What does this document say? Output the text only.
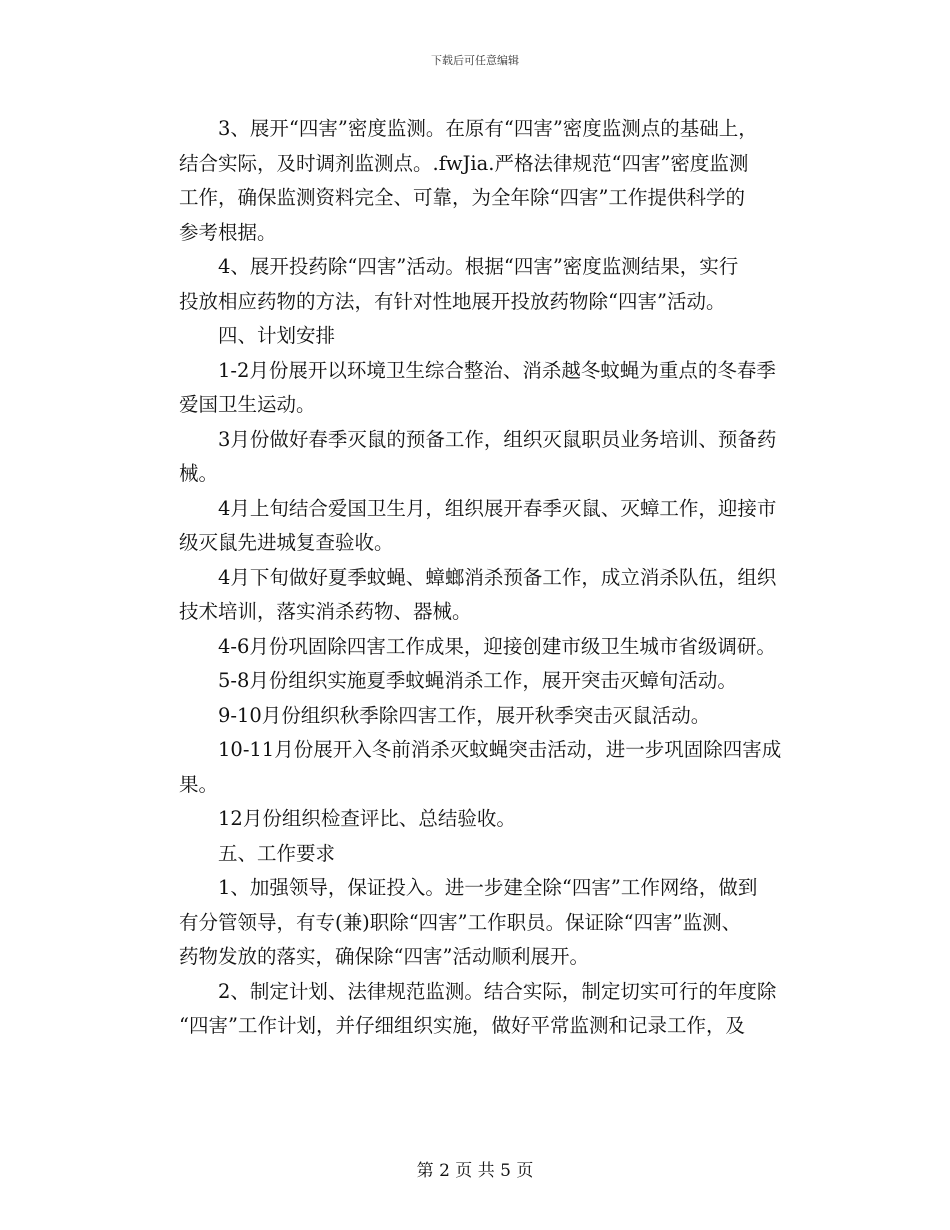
下载后可任意编辑

3、展开“四害”密度监测。在原有“四害”密度监测点的基础上，
结合实际，及时调剂监测点。.fwJia.严格法律规范“四害”密度监测
工作，确保监测资料完全、可靠，为全年除“四害”工作提供科学的
参考根据。

4、展开投药除“四害”活动。根据“四害”密度监测结果，实行
投放相应药物的方法，有针对性地展开投放药物除“四害”活动。

四、计划安排

1-2月份展开以环境卫生综合整治、消杀越冬蚊蝇为重点的冬春季
爱国卫生运动。

3月份做好春季灭鼠的预备工作，组织灭鼠职员业务培训、预备药
械。

4月上旬结合爱国卫生月，组织展开春季灭鼠、灭蟑工作，迎接市
级灭鼠先进城复查验收。

4月下旬做好夏季蚊蝇、蟑螂消杀预备工作，成立消杀队伍，组织
技术培训，落实消杀药物、器械。

4-6月份巩固除四害工作成果，迎接创建市级卫生城市省级调研。

5-8月份组织实施夏季蚊蝇消杀工作，展开突击灭蟑旬活动。

9-10月份组织秋季除四害工作，展开秋季突击灭鼠活动。

10-11月份展开入冬前消杀灭蚊蝇突击活动，进一步巩固除四害成
果。

12月份组织检查评比、总结验收。

五、工作要求

1、加强领导，保证投入。进一步建全除“四害”工作网络，做到
有分管领导，有专(兼)职除“四害”工作职员。保证除“四害”监测、
药物发放的落实，确保除“四害”活动顺利展开。

2、制定计划、法律规范监测。结合实际，制定切实可行的年度除
“四害”工作计划，并仔细组织实施，做好平常监测和记录工作，及

第 2 页 共 5 页
